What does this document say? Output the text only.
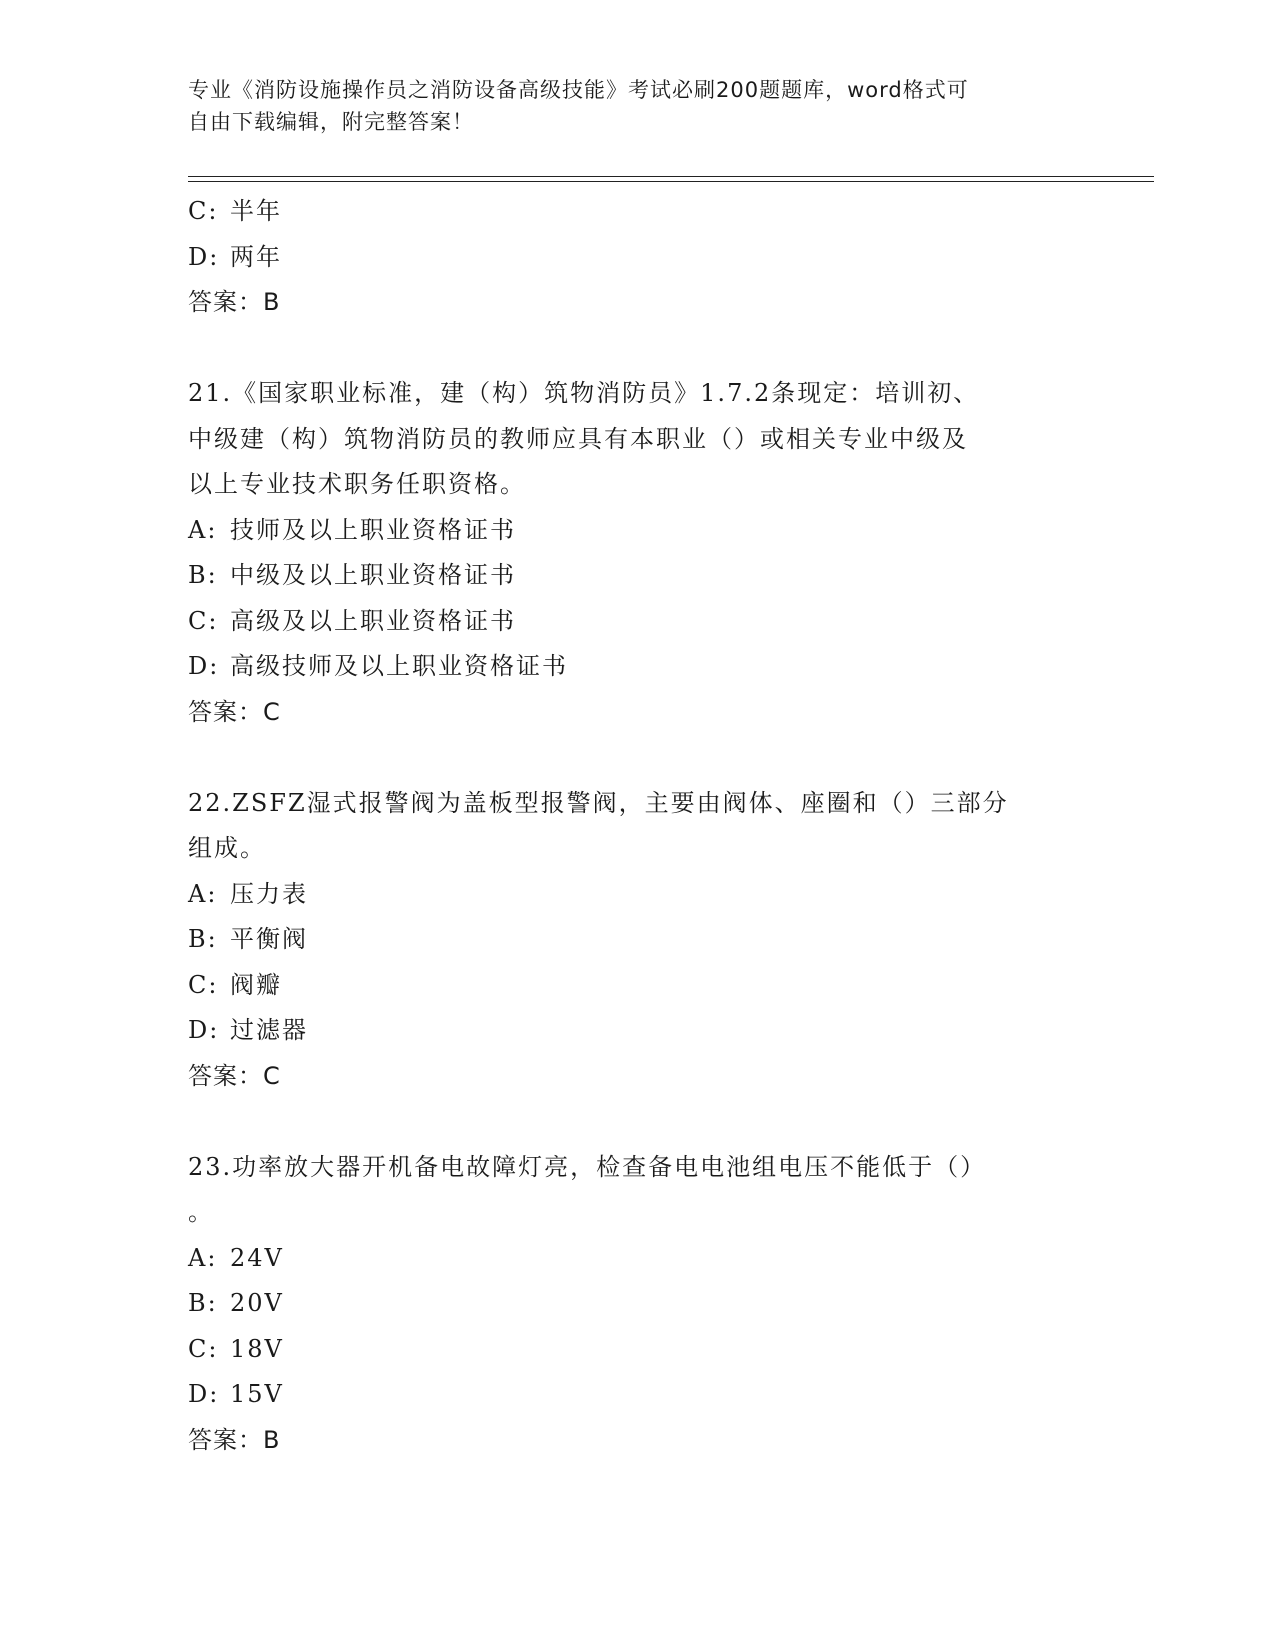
专业《消防设施操作员之消防设备高级技能》考试必刷200题题库，word格式可
自由下载编辑，附完整答案！

C: 半年

D: 两年

答案：B

21.《国家职业标准，建（构）筑物消防员》1.7.2条现定：培训初、

中级建（构）筑物消防员的教师应具有本职业（）或相关专业中级及

以上专业技术职务任职资格。

A: 技师及以上职业资格证书

B: 中级及以上职业资格证书

C: 高级及以上职业资格证书

D: 高级技师及以上职业资格证书

答案：C

22.ZSFZ湿式报警阀为盖板型报警阀，主要由阀体、座圈和（）三部分

组成。

A: 压力表

B: 平衡阀

C: 阀瓣

D: 过滤器

答案：C

23.功率放大器开机备电故障灯亮，检查备电电池组电压不能低于（）

。

A: 24V

B: 20V

C: 18V

D: 15V

答案：B
